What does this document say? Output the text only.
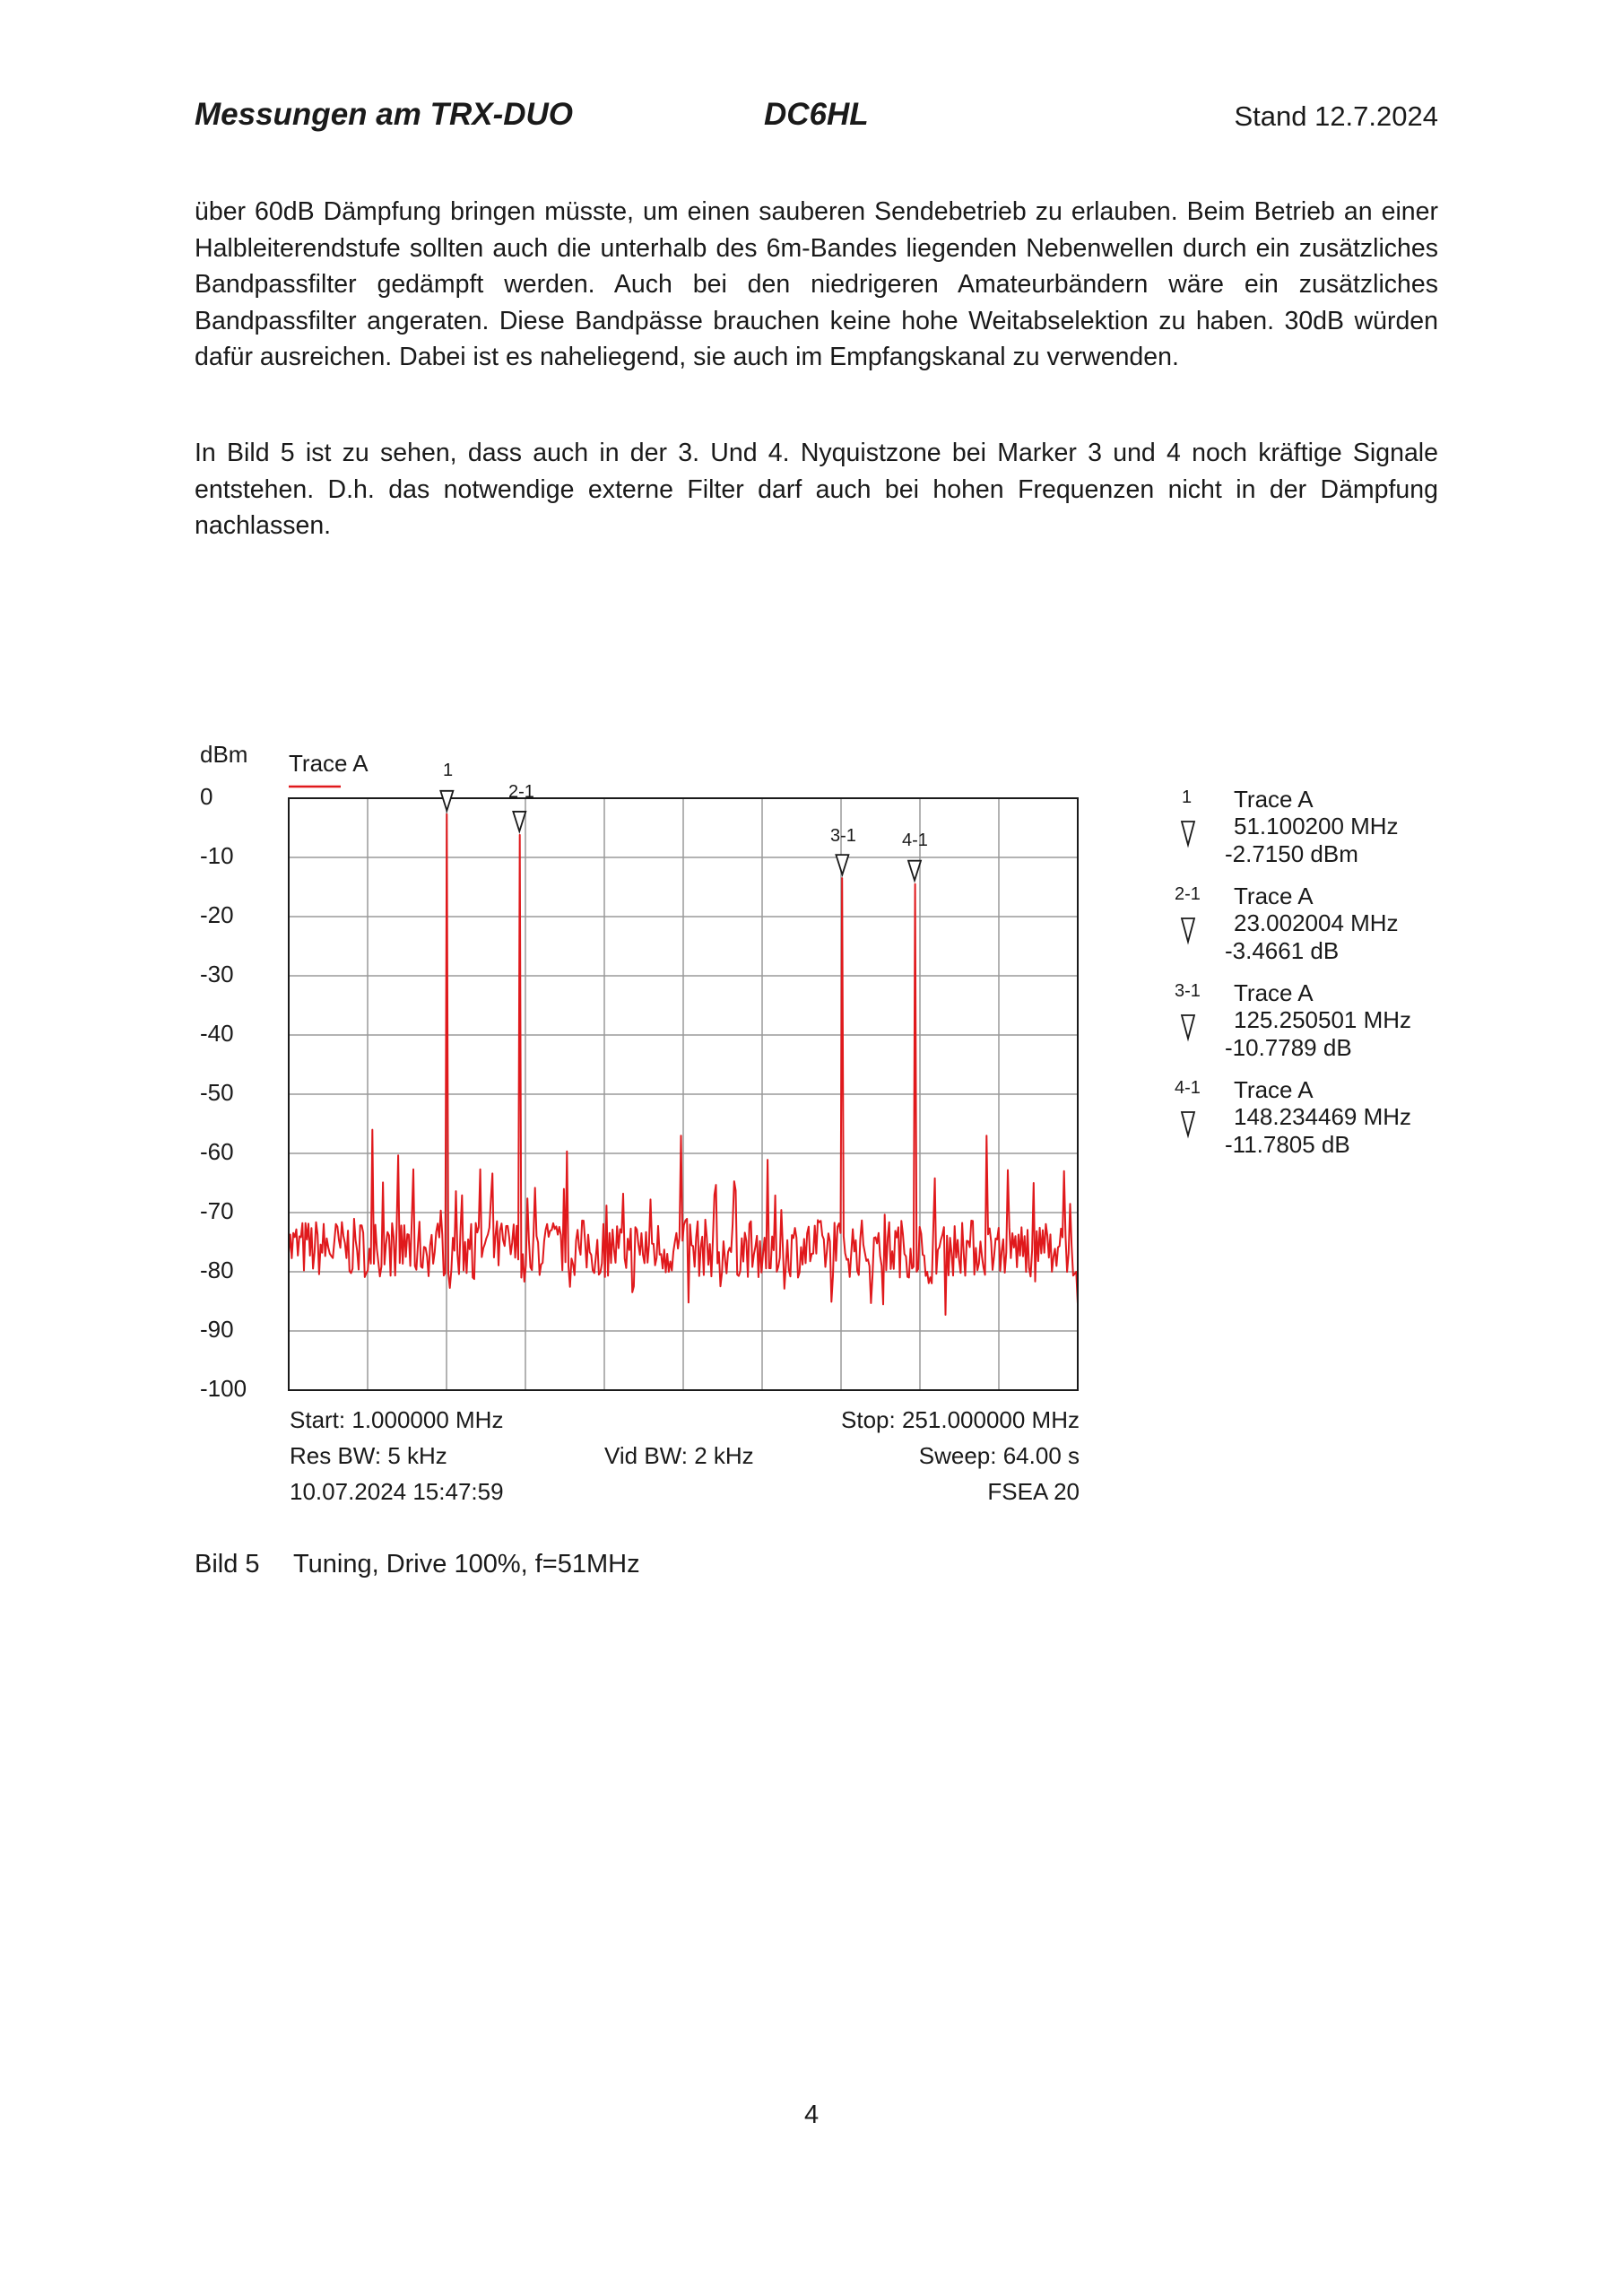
Messungen am TRX-DUO	DC6HL	Stand 12.7.2024

über 60dB Dämpfung bringen müsste, um einen sauberen Sendebetrieb zu erlauben. Beim Betrieb an einer Halbleiterendstufe sollten auch die unterhalb des 6m-Bandes liegenden Nebenwellen durch ein zusätzliches Bandpassfilter gedämpft werden. Auch bei den niedrigeren Amateurbändern wäre ein zusätzliches Bandpassfilter angeraten. Diese Bandpässe brauchen keine hohe Weitabselektion zu haben. 30dB würden dafür ausreichen. Dabei ist es naheliegend, sie auch im Empfangskanal zu verwenden.

In Bild 5 ist zu sehen, dass auch in der 3. Und 4. Nyquistzone bei Marker 3 und 4 noch kräftige Signale entstehen. D.h. das notwendige externe Filter darf auch bei hohen Frequenzen nicht in der Dämpfung nachlassen.

dBm Trace A
0
-10
-20
-30
-40
-50
-60
-70
-80
-90
-100
1
2-1
3-1	4-1
Start: 1.000000 MHz	Stop: 251.000000 MHz
Res BW: 5 kHz	Vid BW: 2 kHz	Sweep: 64.00 s
10.07.2024 15:47:59	FSEA 20
1 Trace A
51.100200 MHz
-2.7150 dBm
2-1 Trace A
23.002004 MHz
-3.4661 dB
3-1 Trace A
125.250501 MHz
-10.7789 dB
4-1 Trace A
148.234469 MHz
-11.7805 dB
Bild 5 Tuning, Drive 100%, f=51MHz
4
